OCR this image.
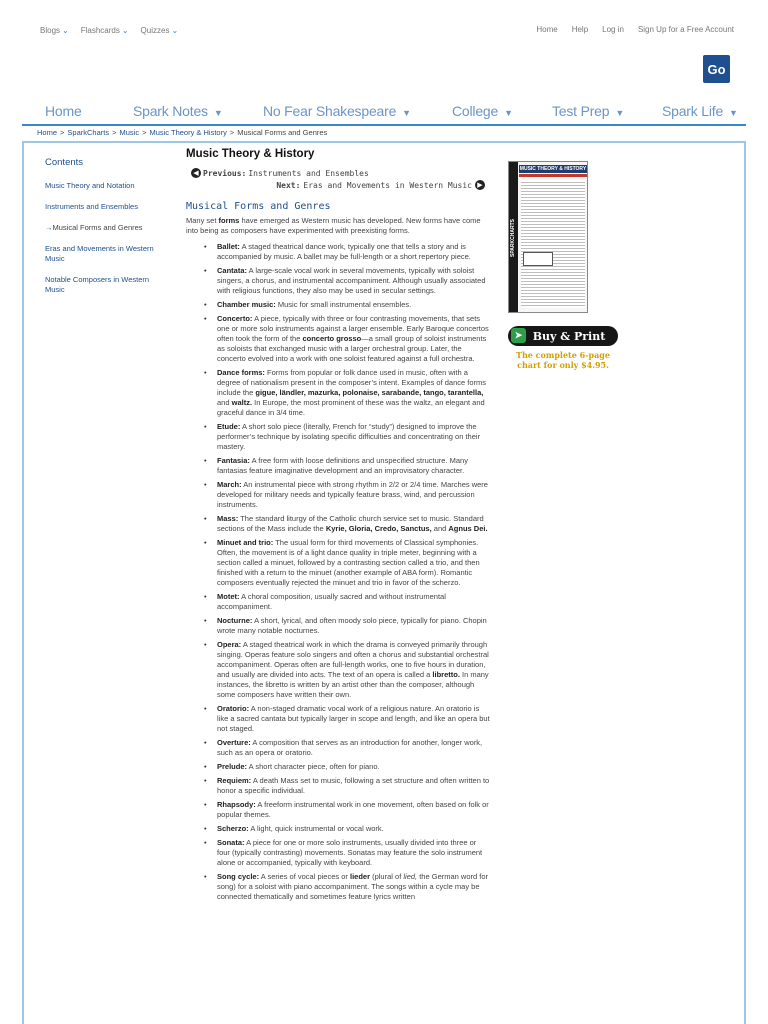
Blogs ⌄ Flashcards ⌄ Quizzes ⌄	Home Help Log in Sign Up for a Free Account
Go
Home	Spark Notes ▼	No Fear Shakespeare ▼	College ▼	Test Prep ▼	Spark Life ▼
Home > SparkCharts > Music > Music Theory & History > Musical Forms and Genres
Contents
Music Theory and Notation
Instruments and Ensembles
→Musical Forms and Genres
Eras and Movements in Western Music
Notable Composers in Western Music
Music Theory & History
◀ Previous: Instruments and Ensembles
Next: Eras and Movements in Western Music ▶
Musical Forms and Genres
Many set forms have emerged as Western music has developed. New forms have come into being as composers have experimented with preexisting forms.
• Ballet: A staged theatrical dance work, typically one that tells a story and is accompanied by music. A ballet may be full-length or a short repertory piece.
• Cantata: A large-scale vocal work in several movements, typically with soloist singers, a chorus, and instrumental accompaniment. Although usually associated with religious functions, they also may be used in secular settings.
• Chamber music: Music for small instrumental ensembles.
• Concerto: A piece, typically with three or four contrasting movements, that sets one or more solo instruments against a larger ensemble. Early Baroque concertos often took the form of the concerto grosso—a small group of soloist instruments as soloists that exchanged music with a larger orchestral group. Later, the concerto evolved into a work with one soloist featured against a full orchestra.
• Dance forms: Forms from popular or folk dance used in music, often with a degree of nationalism present in the composer’s intent. Examples of dance forms include the gigue, ländler, mazurka, polonaise, sarabande, tango, tarantella, and waltz. In Europe, the most prominent of these was the waltz, an elegant and graceful dance in 3/4 time.
• Etude: A short solo piece (literally, French for “study”) designed to improve the performer’s technique by isolating specific difficulties and concentrating on their mastery.
• Fantasia: A free form with loose definitions and unspecified structure. Many fantasias feature imaginative development and an improvisatory character.
• March: An instrumental piece with strong rhythm in 2/2 or 2/4 time. Marches were developed for military needs and typically feature brass, wind, and percussion instruments.
• Mass: The standard liturgy of the Catholic church service set to music. Standard sections of the Mass include the Kyrie, Gloria, Credo, Sanctus, and Agnus Dei.
• Minuet and trio: The usual form for third movements of Classical symphonies. Often, the movement is of a light dance quality in triple meter, beginning with a section called a minuet, followed by a contrasting section called a trio, and then finished with a return to the minuet (another example of ABA form). Romantic composers eventually rejected the minuet and trio in favor of the scherzo.
• Motet: A choral composition, usually sacred and without instrumental accompaniment.
• Nocturne: A short, lyrical, and often moody solo piece, typically for piano. Chopin wrote many notable nocturnes.
• Opera: A staged theatrical work in which the drama is conveyed primarily through singing. Operas feature solo singers and often a chorus and substantial orchestral accompaniment. Operas often are full-length works, one to five hours in duration, and usually are divided into acts. The text of an opera is called a libretto. In many instances, the libretto is written by an artist other than the composer, although some composers have written their own.
• Oratorio: A non-staged dramatic vocal work of a religious nature. An oratorio is like a sacred cantata but typically larger in scope and length, and like an opera but not staged.
• Overture: A composition that serves as an introduction for another, longer work, such as an opera or oratorio.
• Prelude: A short character piece, often for piano.
• Requiem: A death Mass set to music, following a set structure and often written to honor a specific individual.
• Rhapsody: A freeform instrumental work in one movement, often based on folk or popular themes.
• Scherzo: A light, quick instrumental or vocal work.
• Sonata: A piece for one or more solo instruments, usually divided into three or four (typically contrasting) movements. Sonatas may feature the solo instrument alone or accompanied, typically with keyboard.
• Song cycle: A series of vocal pieces or lieder (plural of lied, the German word for song) for a soloist with piano accompaniment. The songs within a cycle may be connected thematically and sometimes feature lyrics written
SPARKCHARTS
MUSIC THEORY & HISTORY
➤ Buy & Print
The complete 6-page chart for only $4.95.
